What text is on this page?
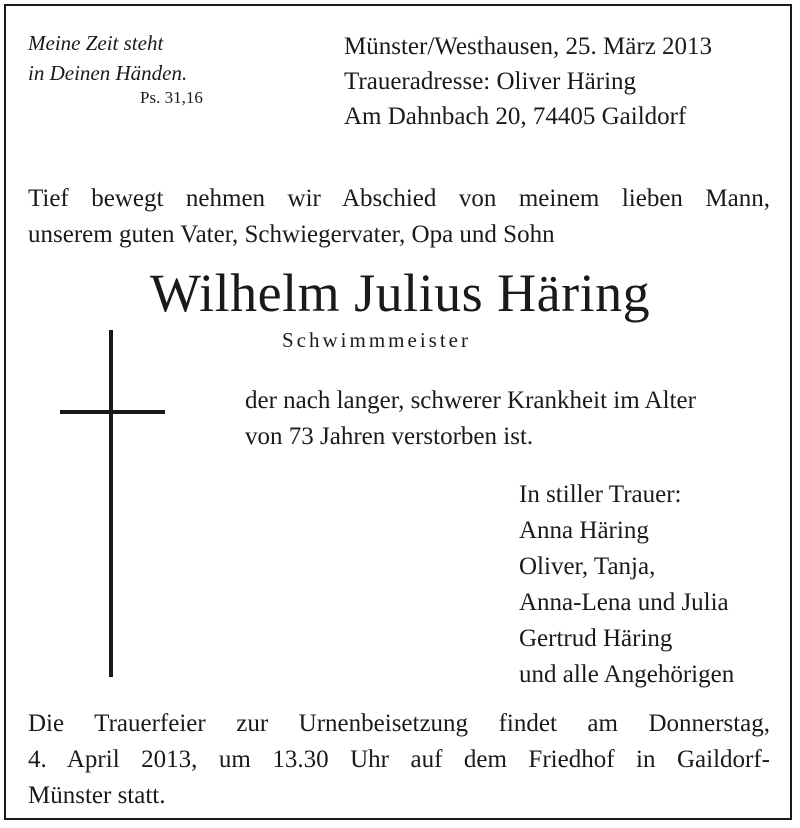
Meine Zeit steht
in Deinen Händen.
Ps. 31,16
Münster/Westhausen, 25. März 2013
Traueradresse: Oliver Häring
Am Dahnbach 20, 74405 Gaildorf
Tief bewegt nehmen wir Abschied von meinem lieben Mann,
unserem guten Vater, Schwiegervater, Opa und Sohn
Wilhelm Julius Häring
Schwimmmeister
der nach langer, schwerer Krankheit im Alter
von 73 Jahren verstorben ist.
In stiller Trauer:
Anna Häring
Oliver, Tanja,
Anna-Lena und Julia
Gertrud Häring
und alle Angehörigen
Die Trauerfeier zur Urnenbeisetzung findet am Donnerstag,
4. April 2013, um 13.30 Uhr auf dem Friedhof in Gaildorf-
Münster statt.
